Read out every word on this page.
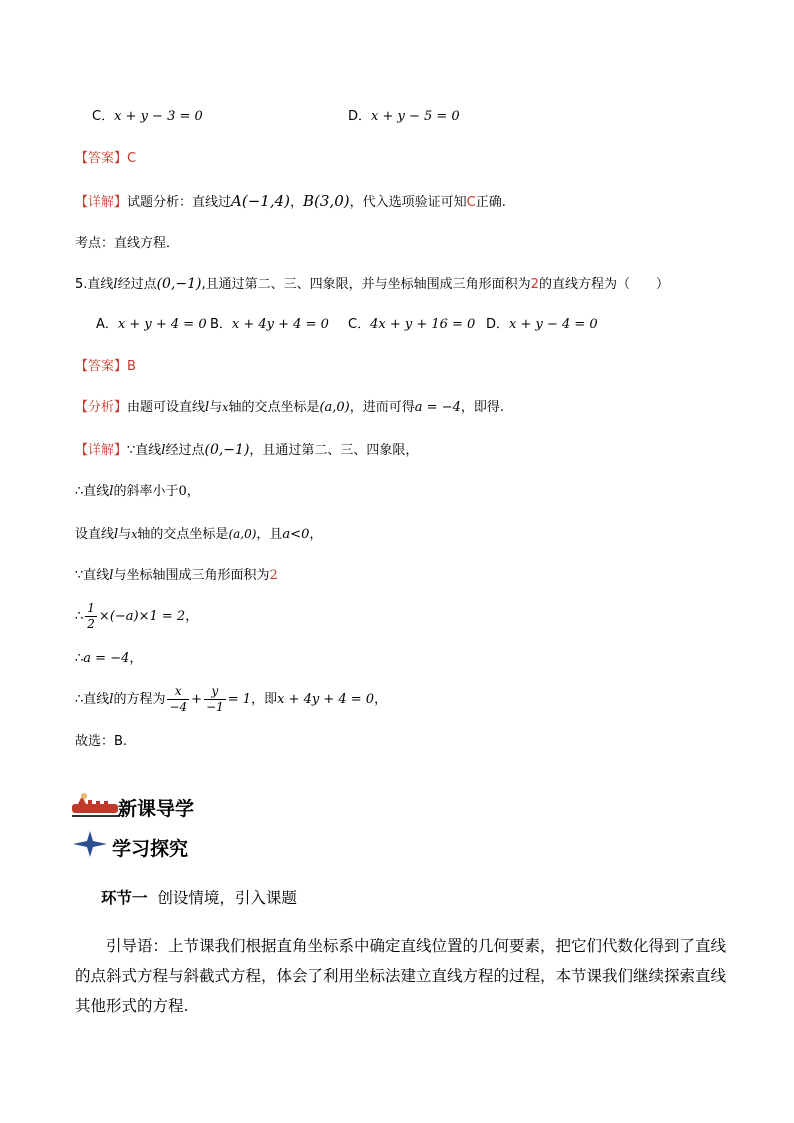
C．x + y − 3 = 0	D．x + y − 5 = 0
【答案】C
【详解】试题分析：直线过A(−1,4)，B(3,0)，代入选项验证可知C正确.
考点：直线方程．
5.直线l经过点(0,−1),且通过第二、三、四象限，并与坐标轴围成三角形面积为2的直线方程为（　　）
A．x + y + 4 = 0 B．x + 4y + 4 = 0 C．4x + y + 16 = 0 D．x + y − 4 = 0
【答案】B
【分析】由题可设直线l与x轴的交点坐标是(a,0)，进而可得a = −4，即得.
【详解】∵直线l经过点(0,−1)，且通过第二、三、四象限，
∴直线l的斜率小于0，
设直线l与x轴的交点坐标是(a,0)，且a<0，
∵直线l与坐标轴围成三角形面积为2
∴ $\frac{1}{2} \times(-a)\times 1 = 2$，
∴a = −4，
∴直线l的方程为 $\frac{x}{-4} + \frac{y}{-1} = 1$，即x + 4y + 4 = 0，
故选：B.
新课导学
学习探究
环节一 创设情境，引入课题
引导语：上节课我们根据直角坐标系中确定直线位置的几何要素，把它们代数化得到了直线的点斜式方程与斜截式方程，体会了利用坐标法建立直线方程的过程，本节课我们继续探索直线其他形式的方程.
